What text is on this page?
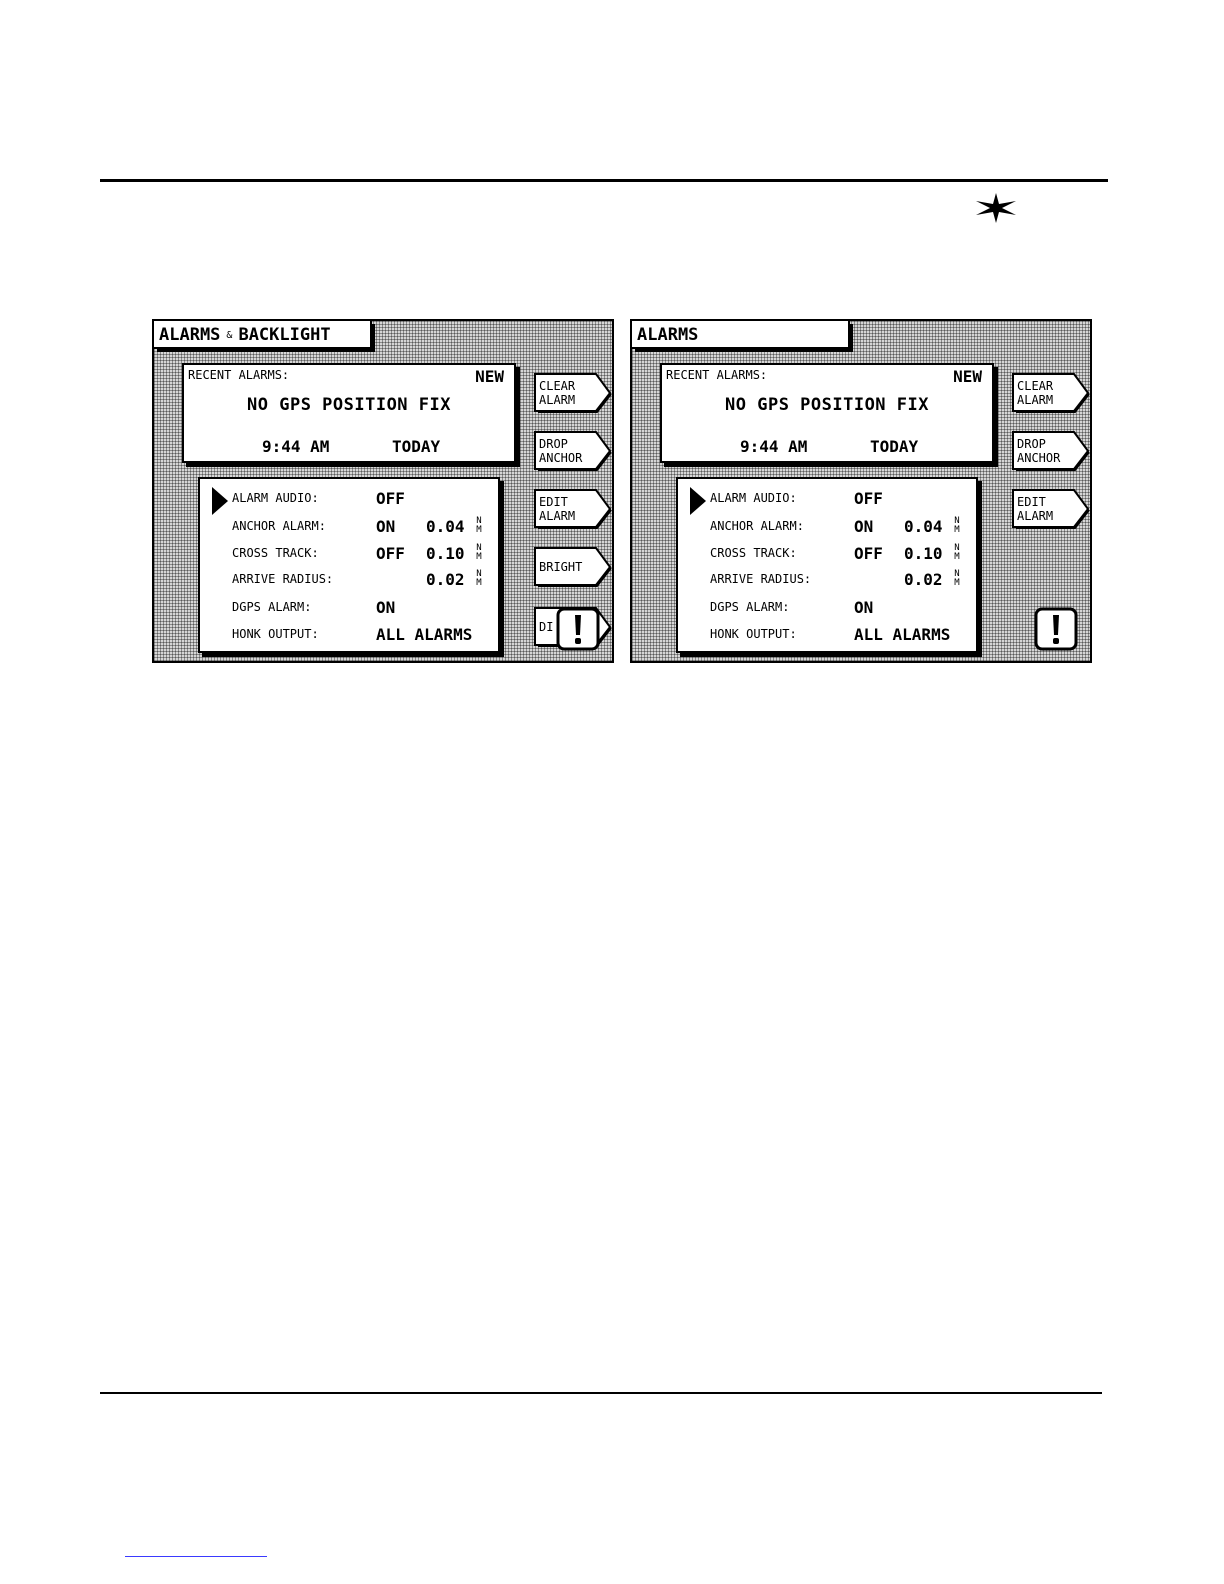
ALARMS & BACKLIGHT
RECENT ALARMS:	NEW
NO GPS POSITION FIX
9:44 AM	TODAY
ALARM AUDIO:	OFF
ANCHOR ALARM:	ON 0.04 N
M
CROSS TRACK:	OFF 0.10 N
M
ARRIVE RADIUS:	0.02 N
M
DGPS ALARM:	ON
HONK OUTPUT:	ALL ALARMS
CLEAR
ALARM
DROP
ANCHOR
EDIT
ALARM
BRIGHT
DI
ALARMS
RECENT ALARMS:	NEW
NO GPS POSITION FIX
9:44 AM	TODAY
ALARM AUDIO:	OFF
ANCHOR ALARM:	ON 0.04 N
M
CROSS TRACK:	OFF 0.10 N
M
ARRIVE RADIUS:	0.02 N
M
DGPS ALARM:	ON
HONK OUTPUT:	ALL ALARMS
CLEAR
ALARM
DROP
ANCHOR
EDIT
ALARM
